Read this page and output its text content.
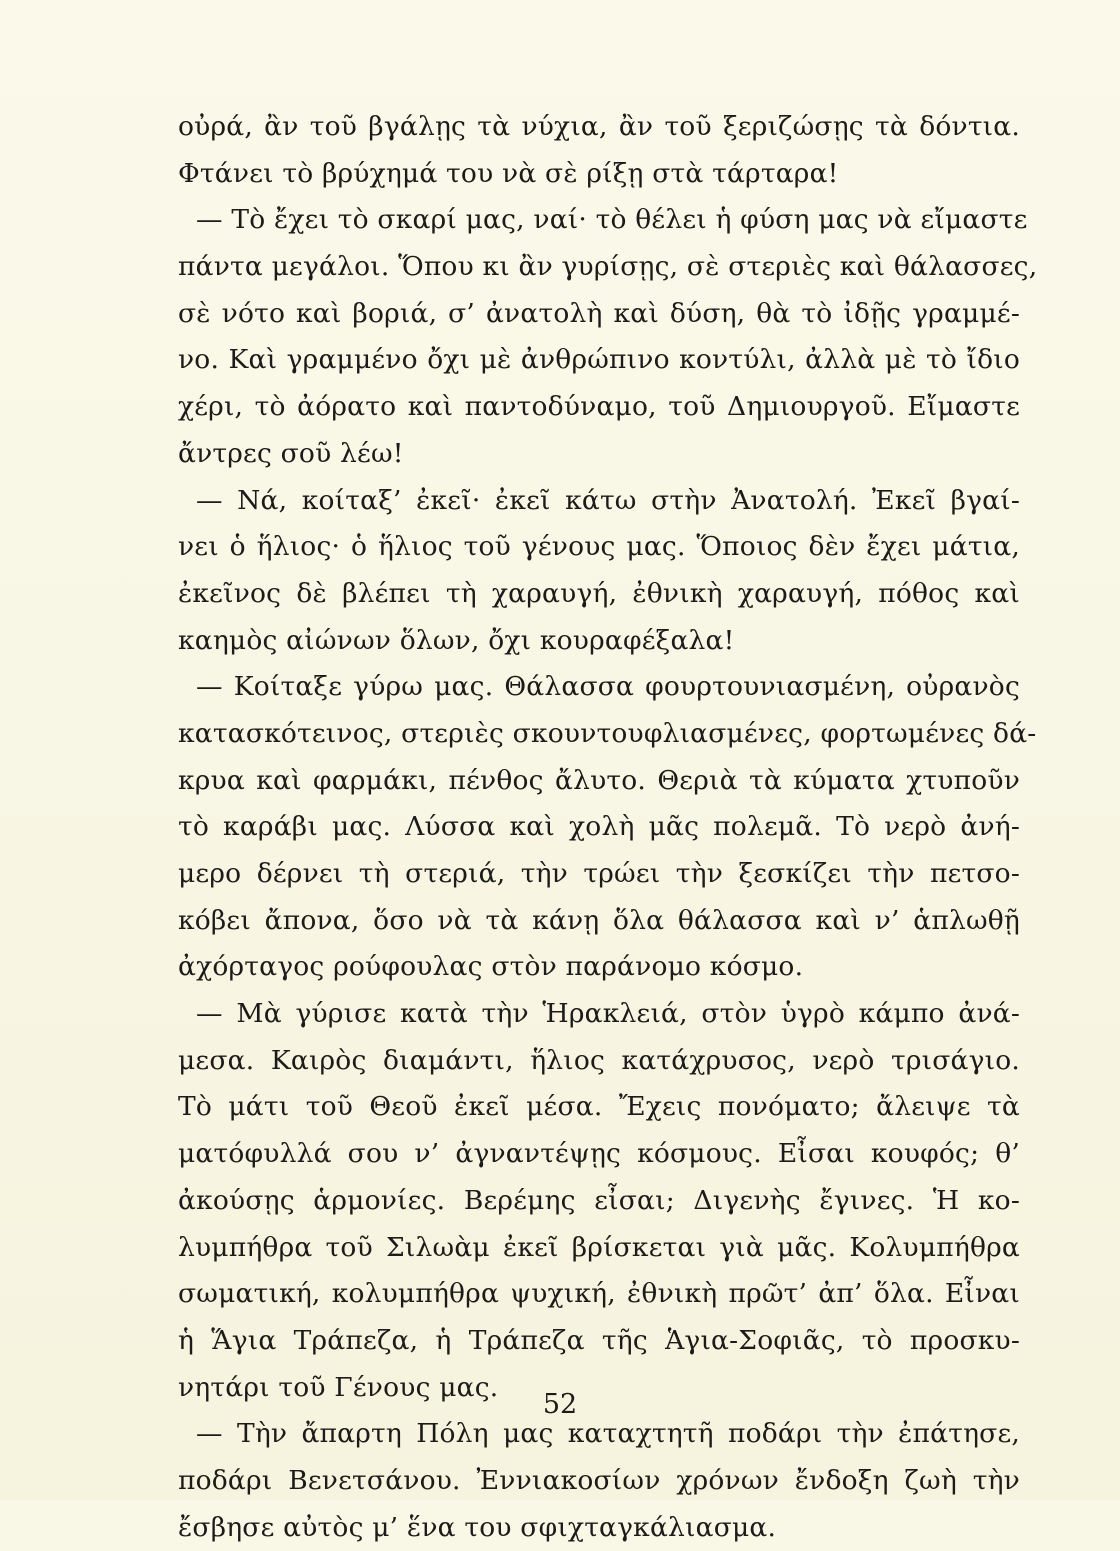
οὐρά, ἂν τοῦ βγάλῃς τὰ νύχια, ἂν τοῦ ξεριζώσῃς τὰ δόντια.
Φτάνει τὸ βρύχημά του νὰ σὲ ρίξῃ στὰ τάρταρα!
— Τὸ ἔχει τὸ σκαρί μας, ναί· τὸ θέλει ἡ φύση μας νὰ εἴμαστε
πάντα μεγάλοι. Ὅπου κι ἂν γυρίσῃς, σὲ στεριὲς καὶ θάλασσες,
σὲ νότο καὶ βοριά, σ’ ἀνατολὴ καὶ δύση, θὰ τὸ ἰδῇς γραμμέ-
νο. Καὶ γραμμένο ὄχι μὲ ἀνθρώπινο κοντύλι, ἀλλὰ μὲ τὸ ἴδιο
χέρι, τὸ ἀόρατο καὶ παντοδύναμο, τοῦ Δημιουργοῦ. Εἴμαστε
ἄντρες σοῦ λέω!
— Νά, κοίταξ’ ἐκεῖ· ἐκεῖ κάτω στὴν Ἀνατολή. Ἐκεῖ βγαί-
νει ὁ ἥλιος· ὁ ἥλιος τοῦ γένους μας. Ὅποιος δὲν ἔχει μάτια,
ἐκεῖνος δὲ βλέπει τὴ χαραυγή, ἐθνικὴ χαραυγή, πόθος καὶ
καημὸς αἰώνων ὅλων, ὄχι κουραφέξαλα!
— Κοίταξε γύρω μας. Θάλασσα φουρτουνιασμένη, οὐρανὸς
κατασκότεινος, στεριὲς σκουντουφλιασμένες, φορτωμένες δά-
κρυα καὶ φαρμάκι, πένθος ἄλυτο. Θεριὰ τὰ κύματα χτυποῦν
τὸ καράβι μας. Λύσσα καὶ χολὴ μᾶς πολεμᾶ. Τὸ νερὸ ἀνή-
μερο δέρνει τὴ στεριά, τὴν τρώει τὴν ξεσκίζει τὴν πετσο-
κόβει ἄπονα, ὅσο νὰ τὰ κάνῃ ὅλα θάλασσα καὶ ν’ ἁπλωθῇ
ἀχόρταγος ρούφουλας στὸν παράνομο κόσμο.
— Μὰ γύρισε κατὰ τὴν Ἡρακλειά, στὸν ὑγρὸ κάμπο ἀνά-
μεσα. Καιρὸς διαμάντι, ἥλιος κατάχρυσος, νερὸ τρισάγιο.
Τὸ μάτι τοῦ Θεοῦ ἐκεῖ μέσα. Ἔχεις πονόματο; ἄλειψε τὰ
ματόφυλλά σου ν’ ἀγναντέψῃς κόσμους. Εἶσαι κουφός; θ’
ἀκούσῃς ἁρμονίες. Βερέμης εἶσαι; Διγενὴς ἔγινες. Ἡ κο-
λυμπήθρα τοῦ Σιλωὰμ ἐκεῖ βρίσκεται γιὰ μᾶς. Κολυμπήθρα
σωματική, κολυμπήθρα ψυχική, ἐθνικὴ πρῶτ’ ἀπ’ ὅλα. Εἶναι
ἡ Ἅγια Τράπεζα, ἡ Τράπεζα τῆς Ἁγια-Σοφιᾶς, τὸ προσκυ-
νητάρι τοῦ Γένους μας.
— Τὴν ἄπαρτη Πόλη μας καταχτητῆ ποδάρι τὴν ἐπάτησε,
ποδάρι Βενετσάνου. Ἐννιακοσίων χρόνων ἔνδοξη ζωὴ τὴν
ἔσβησε αὐτὸς μ’ ἕνα του σφιχταγκάλιασμα.
52
